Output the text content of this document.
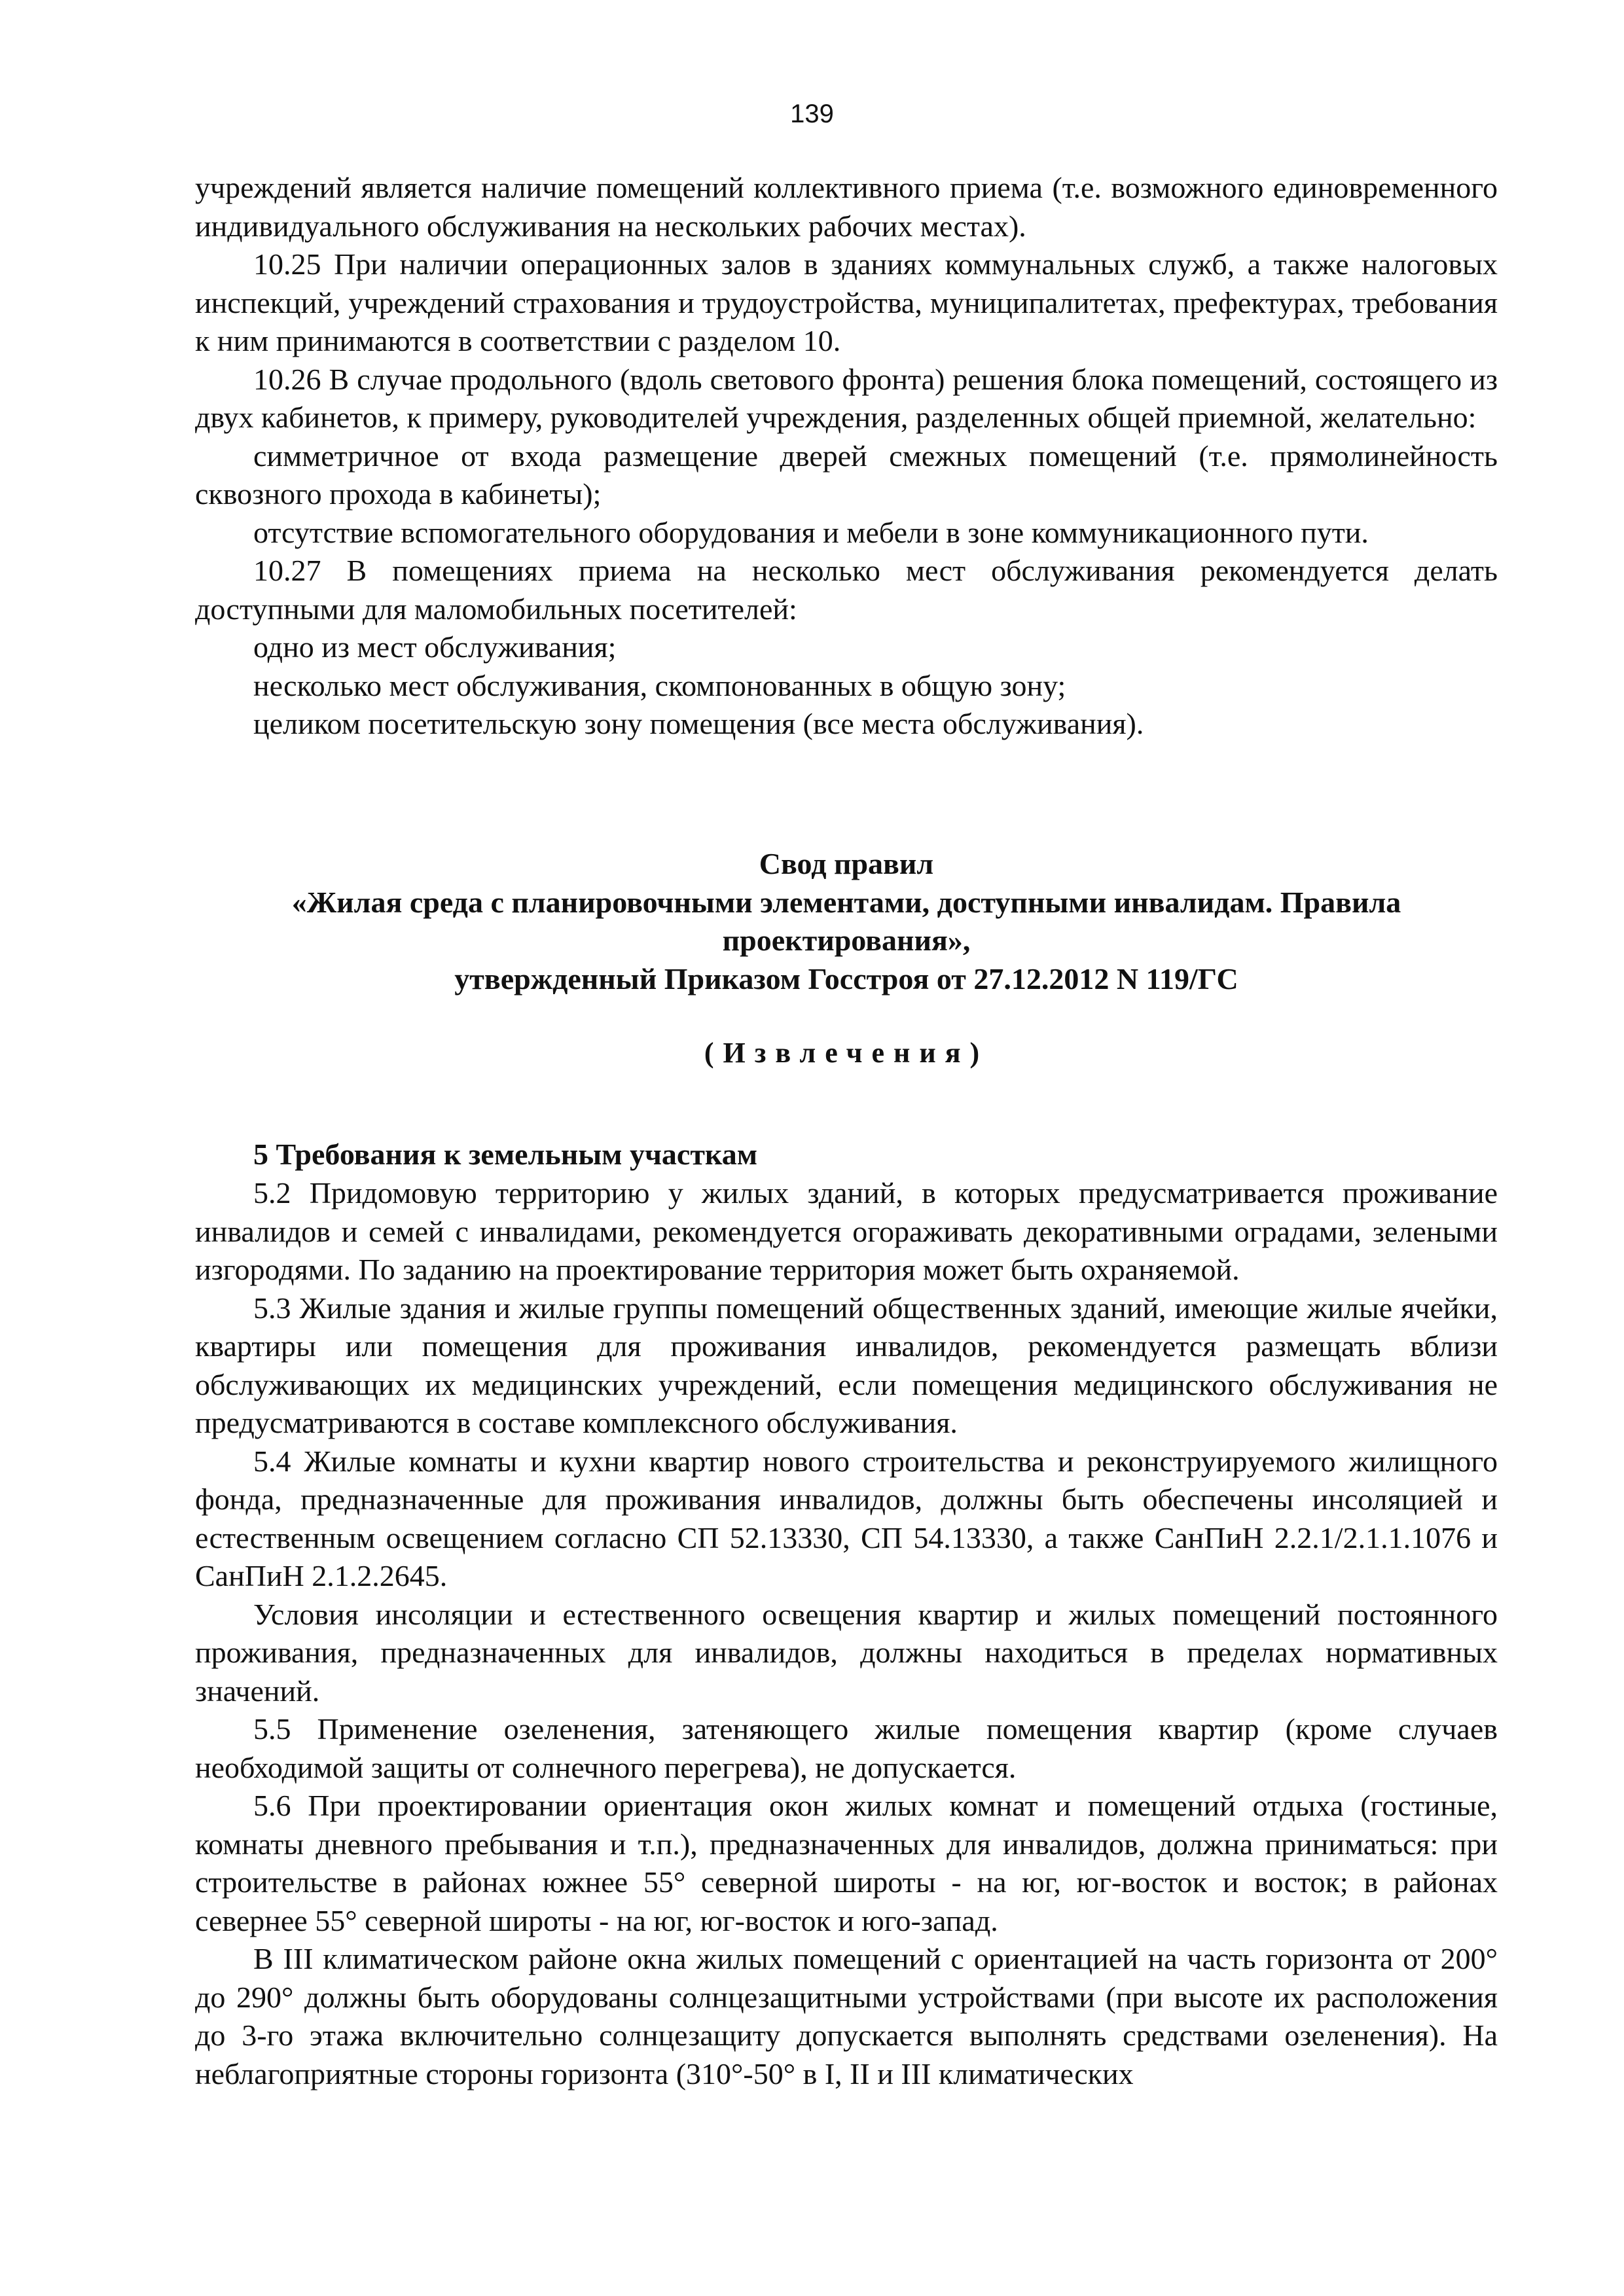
139

учреждений является наличие помещений коллективного приема (т.е. возможного единовременного индивидуального обслуживания на нескольких рабочих местах).

10.25 При наличии операционных залов в зданиях коммунальных служб, а также налоговых инспекций, учреждений страхования и трудоустройства, муниципалитетах, префектурах, требования к ним принимаются в соответствии с разделом 10.

10.26 В случае продольного (вдоль светового фронта) решения блока помещений, состоящего из двух кабинетов, к примеру, руководителей учреждения, разделенных общей приемной, желательно:

симметричное от входа размещение дверей смежных помещений (т.е. прямолинейность сквозного прохода в кабинеты);

отсутствие вспомогательного оборудования и мебели в зоне коммуникационного пути.

10.27 В помещениях приема на несколько мест обслуживания рекомендуется делать доступными для маломобильных посетителей:

одно из мест обслуживания;

несколько мест обслуживания, скомпонованных в общую зону;

целиком посетительскую зону помещения (все места обслуживания).

Свод правил
«Жилая среда с планировочными элементами, доступными инвалидам. Правила
проектирования»,
утвержденный Приказом Госстроя от 27.12.2012 N 119/ГС
(Извлечения)
5 Требования к земельным участкам

5.2 Придомовую территорию у жилых зданий, в которых предусматривается проживание инвалидов и семей с инвалидами, рекомендуется огораживать декоративными оградами, зелеными изгородями. По заданию на проектирование территория может быть охраняемой.

5.3 Жилые здания и жилые группы помещений общественных зданий, имеющие жилые ячейки, квартиры или помещения для проживания инвалидов, рекомендуется размещать вблизи обслуживающих их медицинских учреждений, если помещения медицинского обслуживания не предусматриваются в составе комплексного обслуживания.

5.4 Жилые комнаты и кухни квартир нового строительства и реконструируемого жилищного фонда, предназначенные для проживания инвалидов, должны быть обеспечены инсоляцией и естественным освещением согласно СП 52.13330, СП 54.13330, а также СанПиН 2.2.1/2.1.1.1076 и СанПиН 2.1.2.2645.

Условия инсоляции и естественного освещения квартир и жилых помещений постоянного проживания, предназначенных для инвалидов, должны находиться в пределах нормативных значений.

5.5 Применение озеленения, затеняющего жилые помещения квартир (кроме случаев необходимой защиты от солнечного перегрева), не допускается.

5.6 При проектировании ориентация окон жилых комнат и помещений отдыха (гостиные, комнаты дневного пребывания и т.п.), предназначенных для инвалидов, должна приниматься: при строительстве в районах южнее 55° северной широты - на юг, юг-восток и восток; в районах севернее 55° северной широты - на юг, юг-восток и юго-запад.

В III климатическом районе окна жилых помещений с ориентацией на часть горизонта от 200° до 290° должны быть оборудованы солнцезащитными устройствами (при высоте их расположения до 3-го этажа включительно солнцезащиту допускается выполнять средствами озеленения). На неблагоприятные стороны горизонта (310°-50° в I, II и III климатических
